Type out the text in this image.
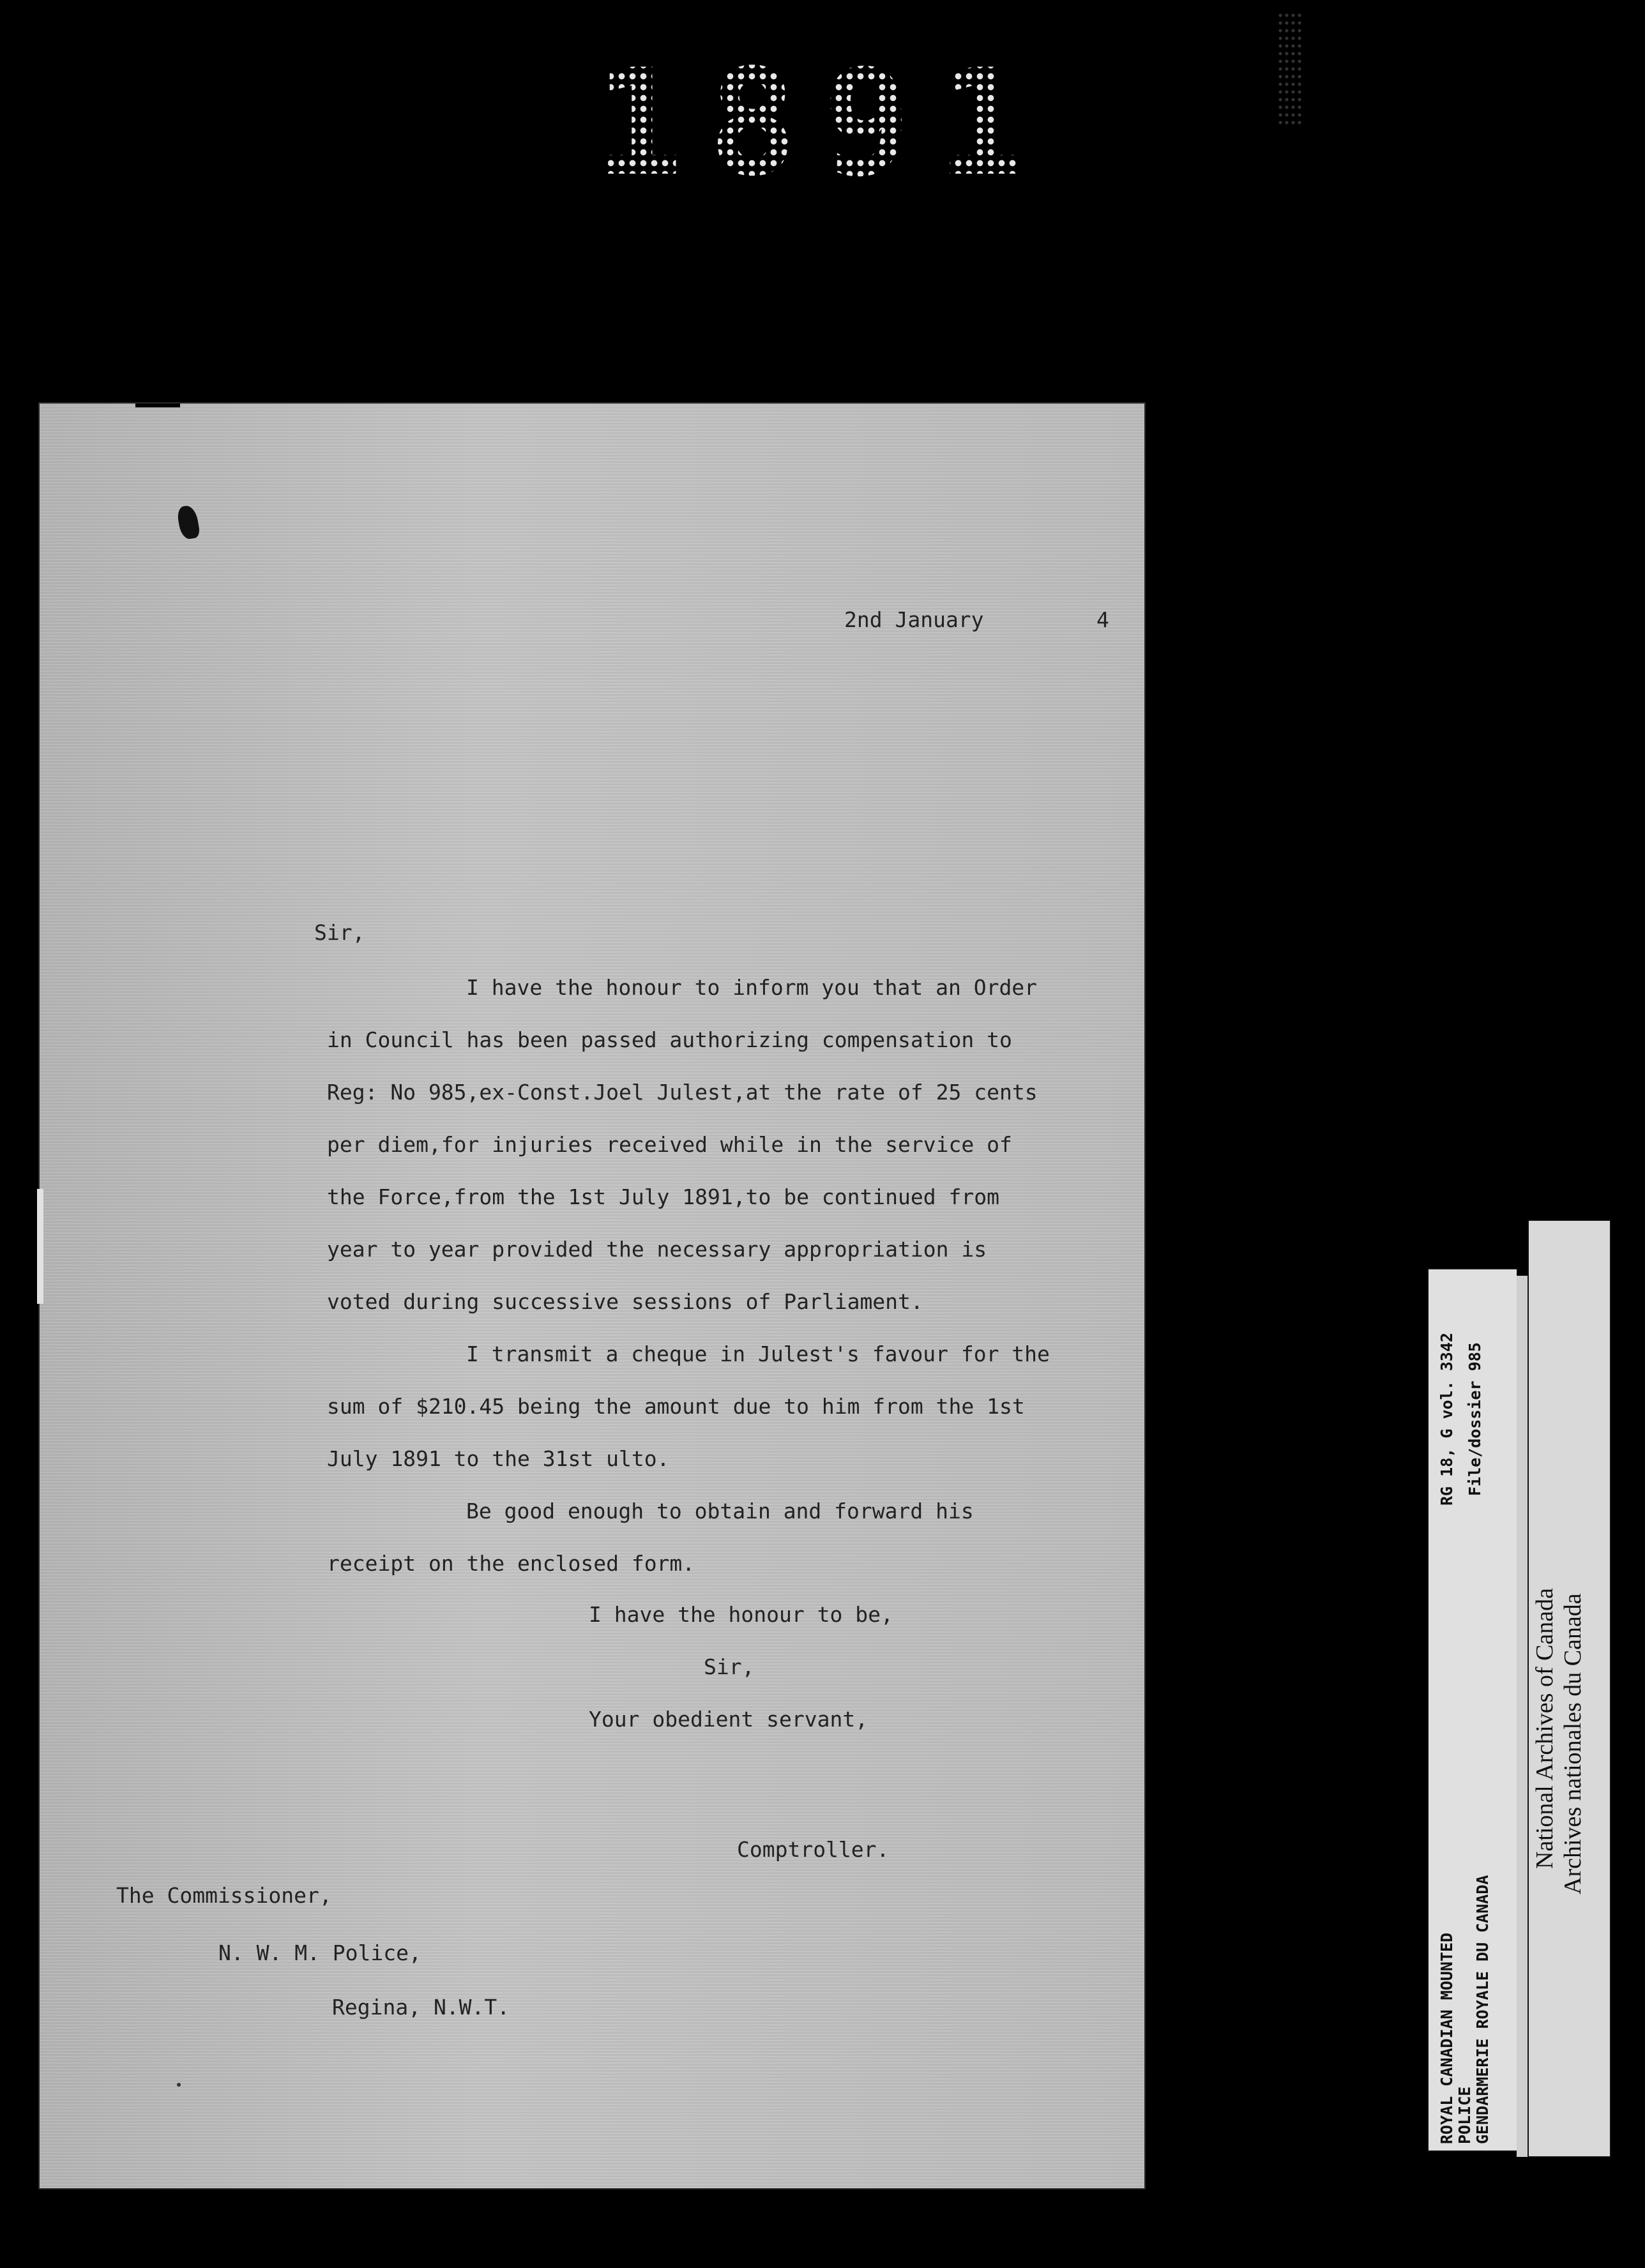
1891
2nd January	4
Sir,
I have the honour to inform you that an Order
in Council has been passed authorizing compensation to
Reg: No 985,ex-Const.Joel Julest,at the rate of 25 cents
per diem,for injuries received while in the service of
the Force,from the 1st July 1891,to be continued from
year to year provided the necessary appropriation is
voted during successive sessions of Parliament.
I transmit a cheque in Julest's favour for the
sum of $210.45 being the amount due to him from the 1st
July 1891 to the 31st ulto.
Be good enough to obtain and forward his
receipt on the enclosed form.
I have the honour to be,
Sir,
Your obedient servant,
Comptroller.
The Commissioner,
N. W. M. Police,
Regina, N.W.T.	ROYAL CANADIAN MOUNTED POLICE GENDARMERIE ROYALE DU CANADA
RG 18, G vol. 3342 File/dossier 985
National Archives of Canada Archives nationales du Canada
